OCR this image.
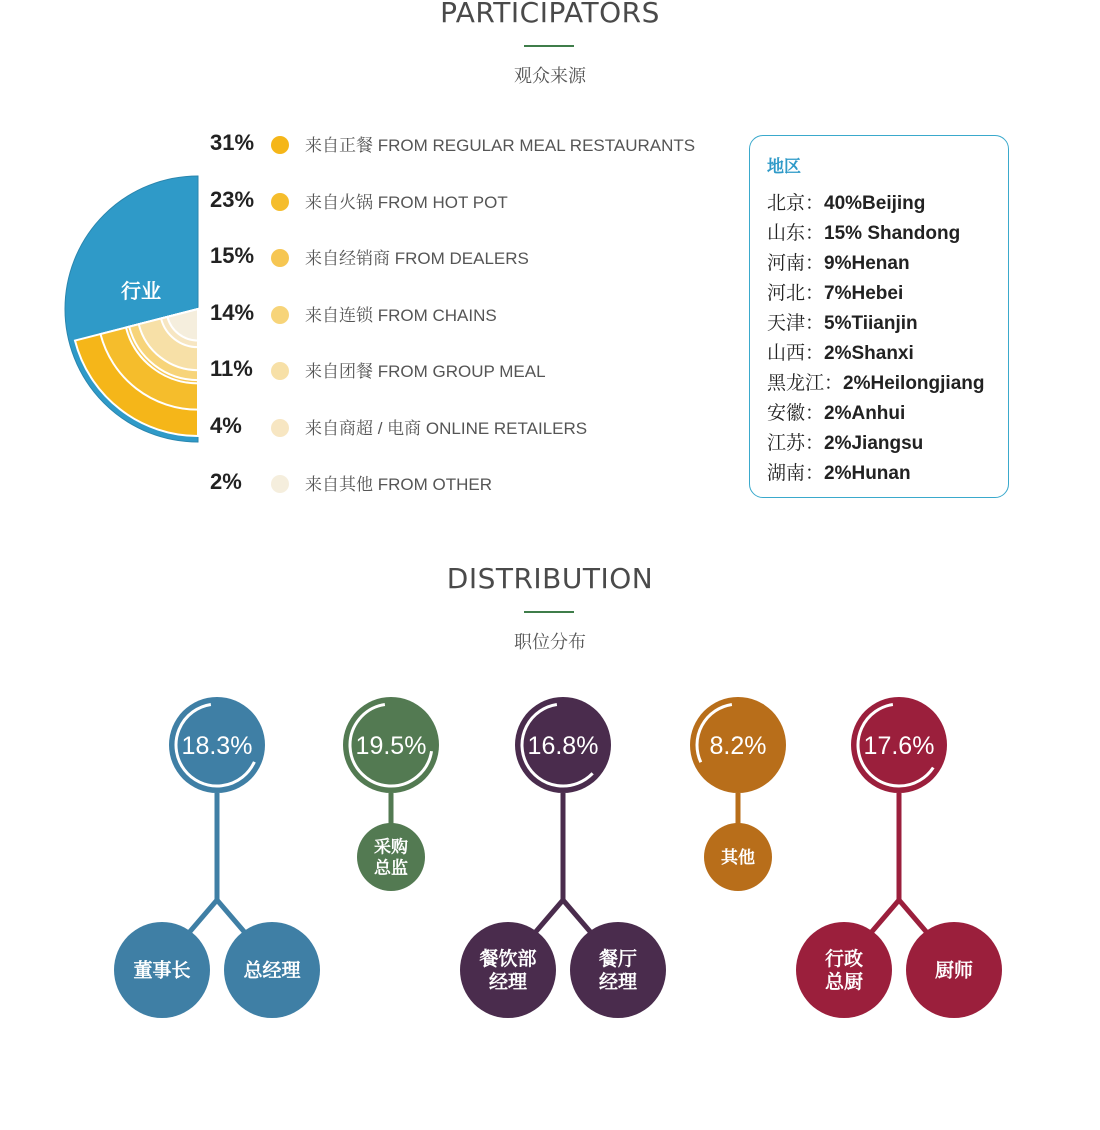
PARTICIPATORS
观众来源
行业
31%	来自正餐 FROM REGULAR MEAL RESTAURANTS
23%	来自火锅 FROM HOT POT
15%	来自经销商 FROM DEALERS
14%	来自连锁 FROM CHAINS
11%	来自团餐 FROM GROUP MEAL
4%	来自商超 / 电商 ONLINE RETAILERS
2%	来自其他 FROM OTHER
地区
北京：40%Beijing
山东：15% Shandong
河南：9%Henan
河北：7%Hebei
天津：5%Tiianjin
山西：2%Shanxi
黑龙江：2%Heilongjiang
安徽：2%Anhui
江苏：2%Jiangsu
湖南：2%Hunan
DISTRIBUTION
职位分布
18.3%
董事长	总经理
19.5%
采购
总监
16.8%
餐饮部
经理
餐厅
经理
8.2%
其他
17.6%
行政
总厨
厨师
